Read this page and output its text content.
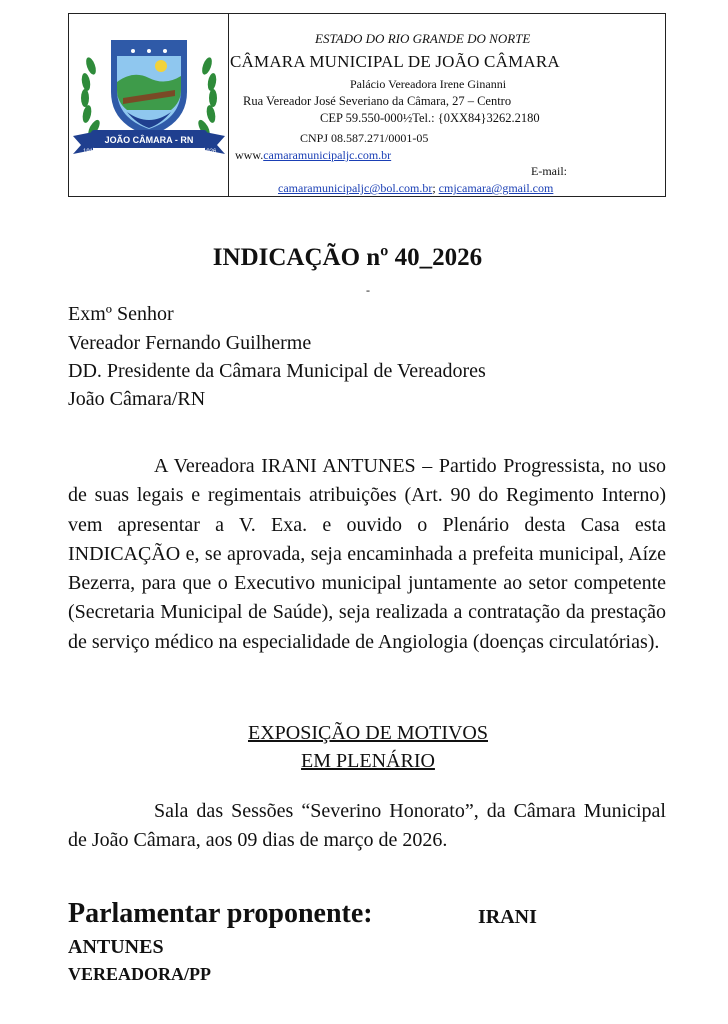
JOÃO CÂMARA - RN
1910	1926
ESTADO DO RIO GRANDE DO NORTE
CÂMARA MUNICIPAL DE JOÃO CÂMARA
Palácio Vereadora Irene Ginanni
Rua Vereador José Severiano da Câmara, 27 – Centro
CEP 59.550-000½Tel.: {0XX84}3262.2180
CNPJ 08.587.271/0001-05
www.camaramunicipaljc.com.br
E-mail:
camaramunicipaljc@bol.com.br; cmjcamara@gmail.com
INDICAÇÃO nº 40_2026
-
Exmº Senhor
Vereador Fernando Guilherme
DD. Presidente da Câmara Municipal de Vereadores
João Câmara/RN

A Vereadora IRANI ANTUNES – Partido Progressista, no uso de suas legais e regimentais atribuições (Art. 90 do Regimento Interno) vem apresentar a V. Exa. e ouvido o Plenário desta Casa esta INDICAÇÃO e, se aprovada, seja encaminhada a prefeita municipal, Aíze Bezerra, para que o Executivo municipal juntamente ao setor competente (Secretaria Municipal de Saúde), seja realizada a contratação da prestação de serviço médico na especialidade de Angiologia (doenças circulatórias).

EXPOSIÇÃO DE MOTIVOS
EM PLENÁRIO

Sala das Sessões “Severino Honorato”, da Câmara Municipal de João Câmara, aos 09 dias de março de 2026.

Parlamentar proponente:	IRANI
ANTUNES
VEREADORA/PP
